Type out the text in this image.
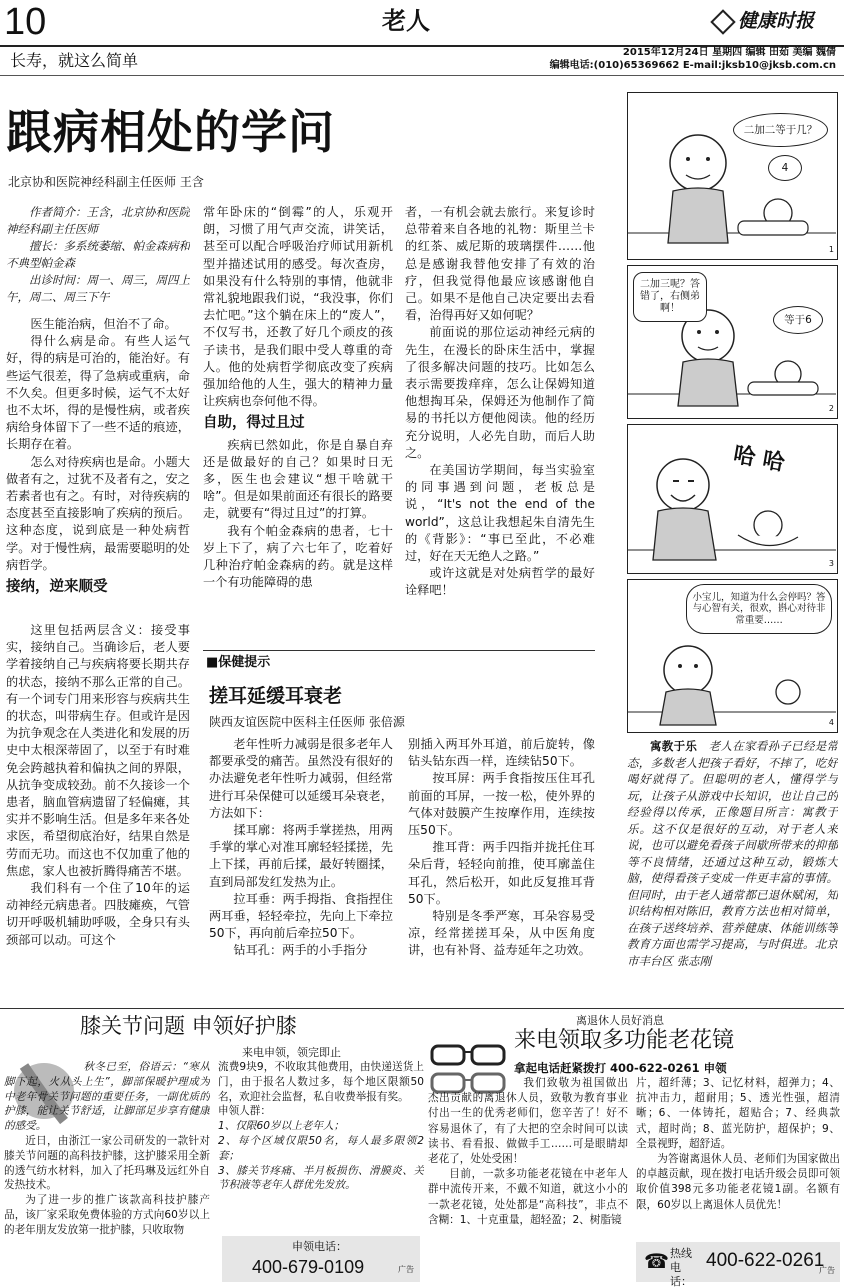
10	老人	健康时报
长寿，就这么简单	2015年12月24日 星期四 编辑 田茹 美编 魏倩
编辑电话:(010)65369662 E-mail:jksb10@jksb.com.cn
跟病相处的学问
北京协和医院神经科副主任医师 王含

作者简介：王含，北京协和医院神经科副主任医师

擅长：多系统萎缩、帕金森病和不典型帕金森

出诊时间：周一、周三，周四上午，周二、周三下午

医生能治病，但治不了命。

得什么病是命。有些人运气好，得的病是可治的，能治好。有些运气很差，得了急病或重病，命不久矣。但更多时候，运气不太好也不太坏，得的是慢性病，或者疾病给身体留下了一些不适的痕迹，长期存在着。

怎么对待疾病也是命。小题大做者有之，过犹不及者有之，安之若素者也有之。有时，对待疾病的态度甚至直接影响了疾病的预后。这种态度，说到底是一种处病哲学。对于慢性病，最需要聪明的处病哲学。

接纳，逆来顺受

这里包括两层含义：接受事实，接纳自己。当确诊后，老人要学着接纳自己与疾病将要长期共存的状态，接纳不那么正常的自己。有一个词专门用来形容与疾病共生的状态，叫带病生存。但或许是因为抗争观念在人类进化和发展的历史中太根深蒂固了，以至于有时难免会跨越执着和偏执之间的界限，从抗争变成较劲。前不久接诊一个患者，脑血管病遗留了轻偏瘫，其实并不影响生活。但是多年来各处求医，希望彻底治好，结果自然是劳而无功。而这也不仅加重了他的焦虑，家人也被折腾得痛苦不堪。

我们科有一个住了10年的运动神经元病患者。四肢瘫痪，气管切开呼吸机辅助呼吸，全身只有头颈部可以动。可这个

常年卧床的“倒霉”的人，乐观开朗，习惯了用气声交流，讲笑话，甚至可以配合呼吸治疗师试用新机型并描述试用的感受。每次查房，如果没有什么特别的事情，他就非常礼貌地跟我们说，“我没事，你们去忙吧。”这个躺在床上的“废人”，不仅写书，还教了好几个顽皮的孩子读书，是我们眼中受人尊重的奇人。他的处病哲学彻底改变了疾病强加给他的人生，强大的精神力量让疾病也奈何他不得。

自助，得过且过

疾病已然如此，你是自暴自弃还是做最好的自己？如果时日无多，医生也会建议“想干啥就干啥”。但是如果前面还有很长的路要走，就要有“得过且过”的打算。

我有个帕金森病的患者，七十岁上下了，病了六七年了，吃着好几种治疗帕金森病的药。就是这样一个有功能障碍的患

者，一有机会就去旅行。来复诊时总带着来自各地的礼物：斯里兰卡的红茶、威尼斯的玻璃摆件……他总是感谢我替他安排了有效的治疗，但我觉得他最应该感谢他自己。如果不是他自己决定要出去看看，治得再好又如何呢？

前面说的那位运动神经元病的先生，在漫长的卧床生活中，掌握了很多解决问题的技巧。比如怎么表示需要拨痒痒，怎么让保姆知道他想掏耳朵，保姆还为他制作了简易的书托以方便他阅读。他的经历充分说明，人必先自助，而后人助之。

在美国访学期间，每当实验室的同事遇到问题，老板总是说，“It's not the end of the world”，这总让我想起朱自清先生的《背影》：“事已至此，不必难过，好在天无绝人之路。”

或许这就是对处病哲学的最好诠释吧！

■保健提示
搓耳延缓耳衰老
陕西友谊医院中医科主任医师 张倍源

老年性听力减弱是很多老年人都要承受的痛苦。虽然没有很好的办法避免老年性听力减弱，但经常进行耳朵保健可以延缓耳朵衰老，方法如下：

揉耳廓：将两手掌搓热，用两手掌的掌心对准耳廓轻轻揉搓，先上下揉，再前后揉，最好转圈揉，直到局部发红发热为止。

拉耳垂：两手拇指、食指捏住两耳垂，轻轻牵拉，先向上下牵拉50下，再向前后牵拉50下。

钻耳孔：两手的小手指分

别插入两耳外耳道，前后旋转，像钻头钻东西一样，连续钻50下。

按耳屏：两手食指按压住耳孔前面的耳屏，一按一松，使外界的气体对鼓膜产生按摩作用，连续按压50下。

推耳背：两手四指并拢托住耳朵后背，轻轻向前推，使耳廓盖住耳孔，然后松开，如此反复推耳背50下。

特别是冬季严寒，耳朵容易受凉，经常搓搓耳朵，从中医角度讲，也有补肾、益寿延年之功效。

二加二等于几？
4
1
二加三呢？答错了，右侧弟啊！
等于6
2
哈 哈
3
小宝儿，知道为什么会停吗？答与心智有关，很欢，斟心对待非常重要……
4
寓教于乐 老人在家看孙子已经是常态，多数老人把孩子看好，不摔了，吃好喝好就得了。但聪明的老人，懂得学与玩，让孩子从游戏中长知识，也让自己的经验得以传承，正像题目所言：寓教于乐。这不仅是很好的互动，对于老人来说，也可以避免看孩子间歇所带来的抑郁等不良情绪，还通过这种互动，锻炼大脑，使得看孩子变成一件更丰富的事情。但同时，由于老人通常都已退休赋闲，知识结构相对陈旧，教育方法也相对简单，在孩子送终培养、营养健康、体能训练等教育方面也需学习提高，与时俱进。北京市丰台区 张志刚
膝关节问题 申领好护膝
来电申领，领完即止

秋冬已至，俗语云：“寒从脚下起，火从头上生”，脚部保暖护理成为中老年骨关节问题的重要任务，一副优质的护膝，能让关节舒适，让脚部足步享有健康的感受。

近日，由浙江一家公司研发的一款针对膝关节问题的高科技护膝，这护膝采用全新的透气纺水材料，加入了托玛琳及远红外自发热技术。

为了进一步的推广该款高科技护膝产品，该厂家采取免费体验的方式向60岁以上的老年朋友发放第一批护膝，只收取物

流费9块9，不收取其他费用，由快递送货上门，由于报名人数过多，每个地区限额50名，欢迎社会监督，私自收费举报有奖。

申领人群：

1、仅限60岁以上老年人；

2、每个区域仅限50名，每人最多限领2套；

3、膝关节疼痛、半月板损伤、滑膜炎、关节积液等老年人群优先发放。

申领电话：
400-679-0109	广告
离退休人员好消息
来电领取多功能老花镜
拿起电话赶紧拨打 400-622-0261 申领

我们致敬为祖国做出杰出贡献的离退休人员，致敬为教育事业付出一生的优秀老师们，您辛苦了！好不容易退休了，有了大把的空余时间可以读读书、看看报、做做手工……可是眼睛却老花了，处处受困！

目前，一款多功能老花镜在中老年人群中流传开来，不戴不知道，就这小小的一款老花镜，处处都是“高科技”，非点不含糊：1、十克重量，超轻盈；2、树脂镜

片，超纤薄；3、记忆材料，超弹力；4、抗冲击力，超耐用；5、透光性强，超清晰；6、一体铸托，超贴合；7、经典款式，超时尚；8、蓝光防护，超保护；9、全景视野，超舒适。

为答谢离退休人员、老师们为国家做出的卓越贡献，现在拨打电话升级会员即可领取价值398元多功能老花镜1副。名额有限，60岁以上离退休人员优先！

☎ 热线电话：
400-622-0261
广告
